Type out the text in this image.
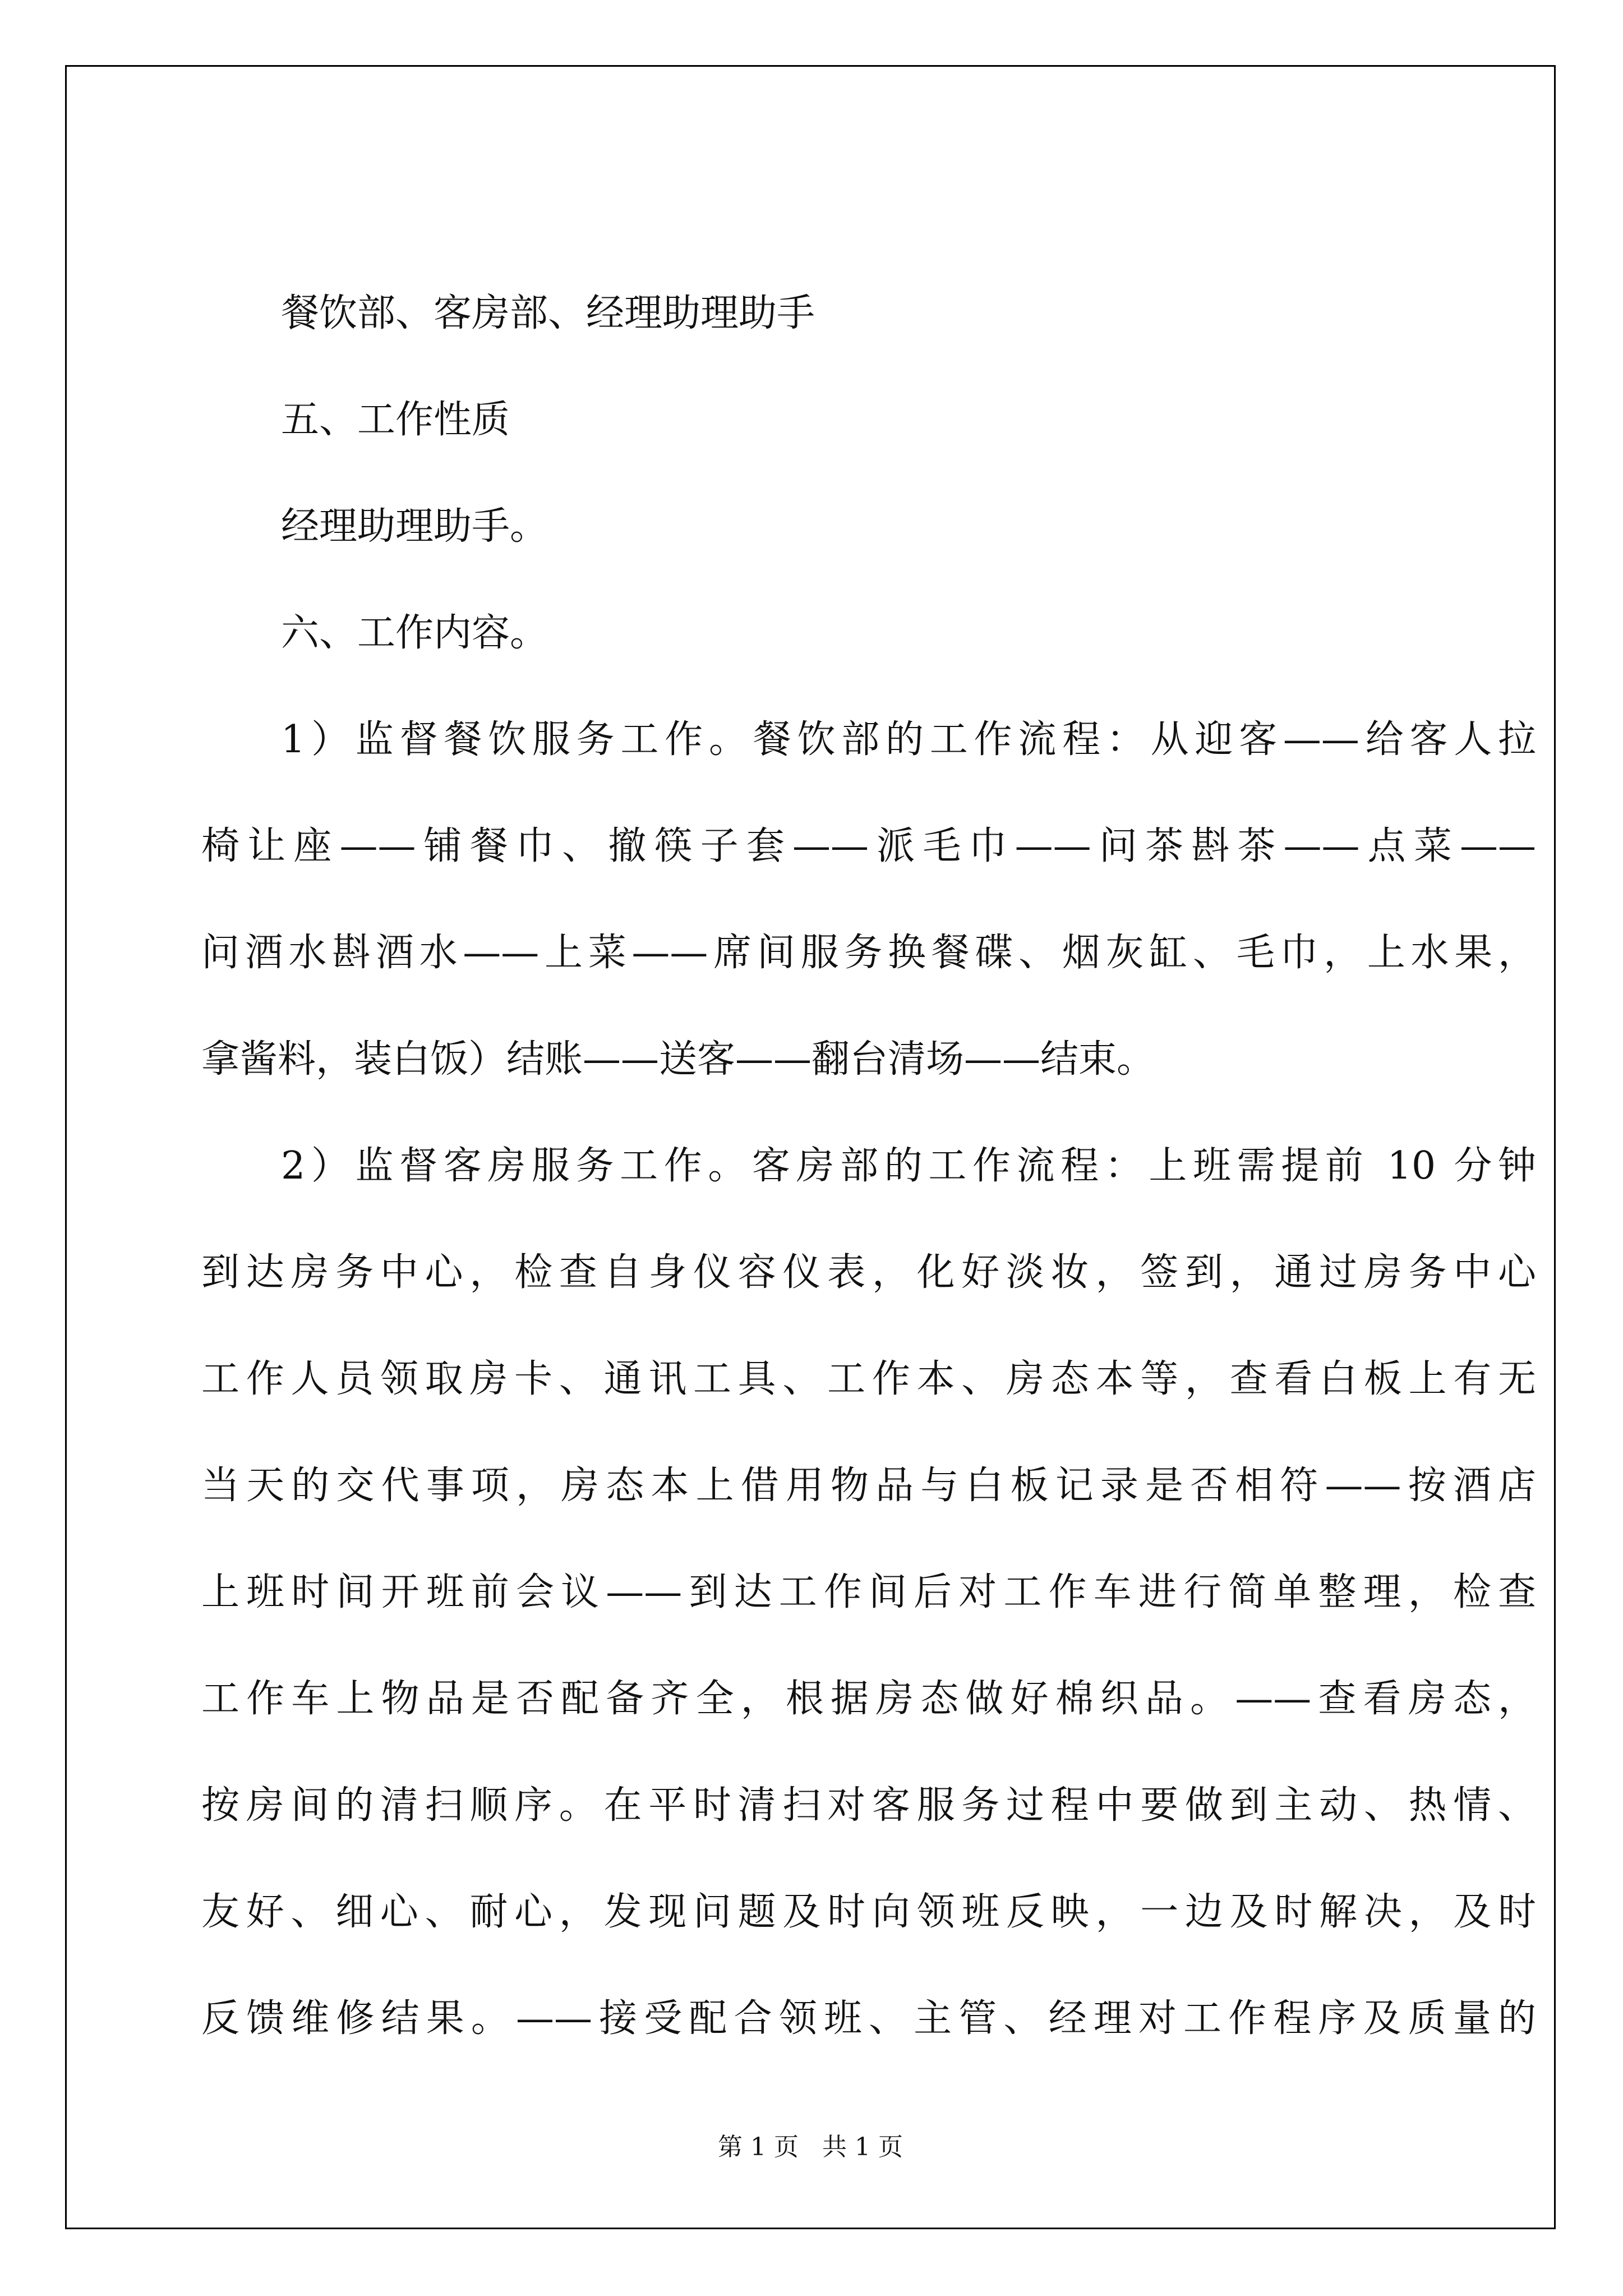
餐饮部、客房部、经理助理助手
五、工作性质
经理助理助手。
六、工作内容。
1）监督餐饮服务工作。餐饮部的工作流程：从迎客——给客人拉
椅让座——铺餐巾、撤筷子套——派毛巾——问茶斟茶——点菜——
问酒水斟酒水——上菜——席间服务换餐碟、烟灰缸、毛巾，上水果，
拿酱料，装白饭）结账——送客——翻台清场——结束。
2）监督客房服务工作。客房部的工作流程：上班需提前 10 分钟
到达房务中心，检查自身仪容仪表，化好淡妆，签到，通过房务中心
工作人员领取房卡、通讯工具、工作本、房态本等，查看白板上有无
当天的交代事项，房态本上借用物品与白板记录是否相符——按酒店
上班时间开班前会议——到达工作间后对工作车进行简单整理，检查
工作车上物品是否配备齐全，根据房态做好棉织品。——查看房态，
按房间的清扫顺序。在平时清扫对客服务过程中要做到主动、热情、
友好、细心、耐心，发现问题及时向领班反映，一边及时解决，及时
反馈维修结果。——接受配合领班、主管、经理对工作程序及质量的
第 1 页 共 1 页
